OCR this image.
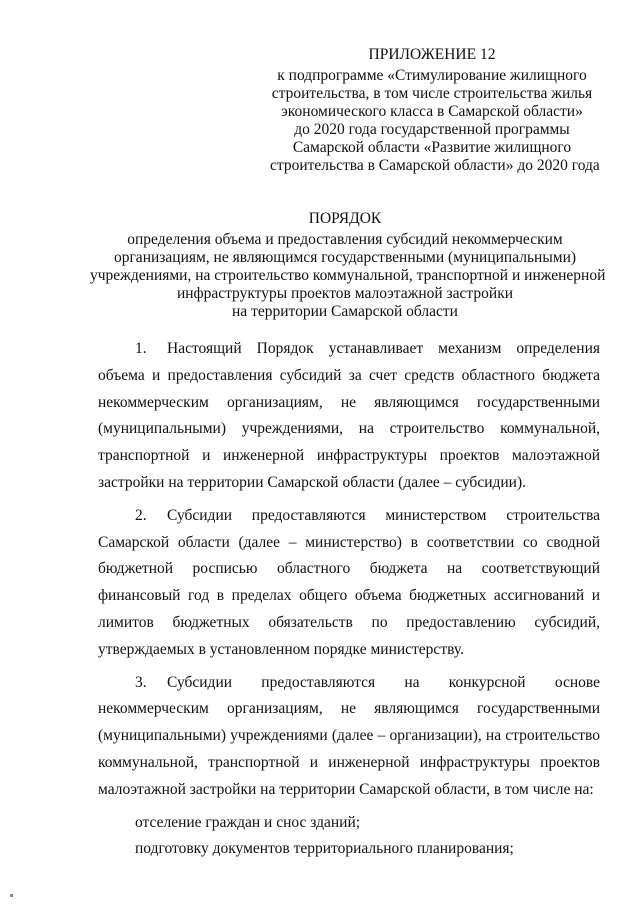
ПРИЛОЖЕНИЕ 12
к подпрограмме «Стимулирование жилищного
строительства, в том числе строительства жилья
экономического класса в Самарской области»
до 2020 года государственной программы
Самарской области «Развитие жилищного
строительства в Самарской области» до 2020 года
ПОРЯДОК
определения объема и предоставления субсидий некоммерческим
организациям, не являющимся государственными (муниципальными)
учреждениями, на строительство коммунальной, транспортной и инженерной
инфраструктуры проектов малоэтажной застройки
на территории Самарской области

1. Настоящий Порядок устанавливает механизм определения объема и предоставления субсидий за счет средств областного бюджета некоммерческим организациям, не являющимся государственными (муниципальными) учреждениями, на строительство коммунальной, транспортной и инженерной инфраструктуры проектов малоэтажной застройки на территории Самарской области (далее – субсидии).

2. Субсидии предоставляются министерством строительства Самарской области (далее – министерство) в соответствии со сводной бюджетной росписью областного бюджета на соответствующий финансовый год в пределах общего объема бюджетных ассигнований и лимитов бюджетных обязательств по предоставлению субсидий, утверждаемых в установленном порядке министерству.

3. Субсидии предоставляются на конкурсной основе некоммерческим организациям, не являющимся государственными (муниципальными) учреждениями (далее – организации), на строительство коммунальной, транспортной и инженерной инфраструктуры проектов малоэтажной застройки на территории Самарской области, в том числе на:

отселение граждан и снос зданий;

подготовку документов территориального планирования;
